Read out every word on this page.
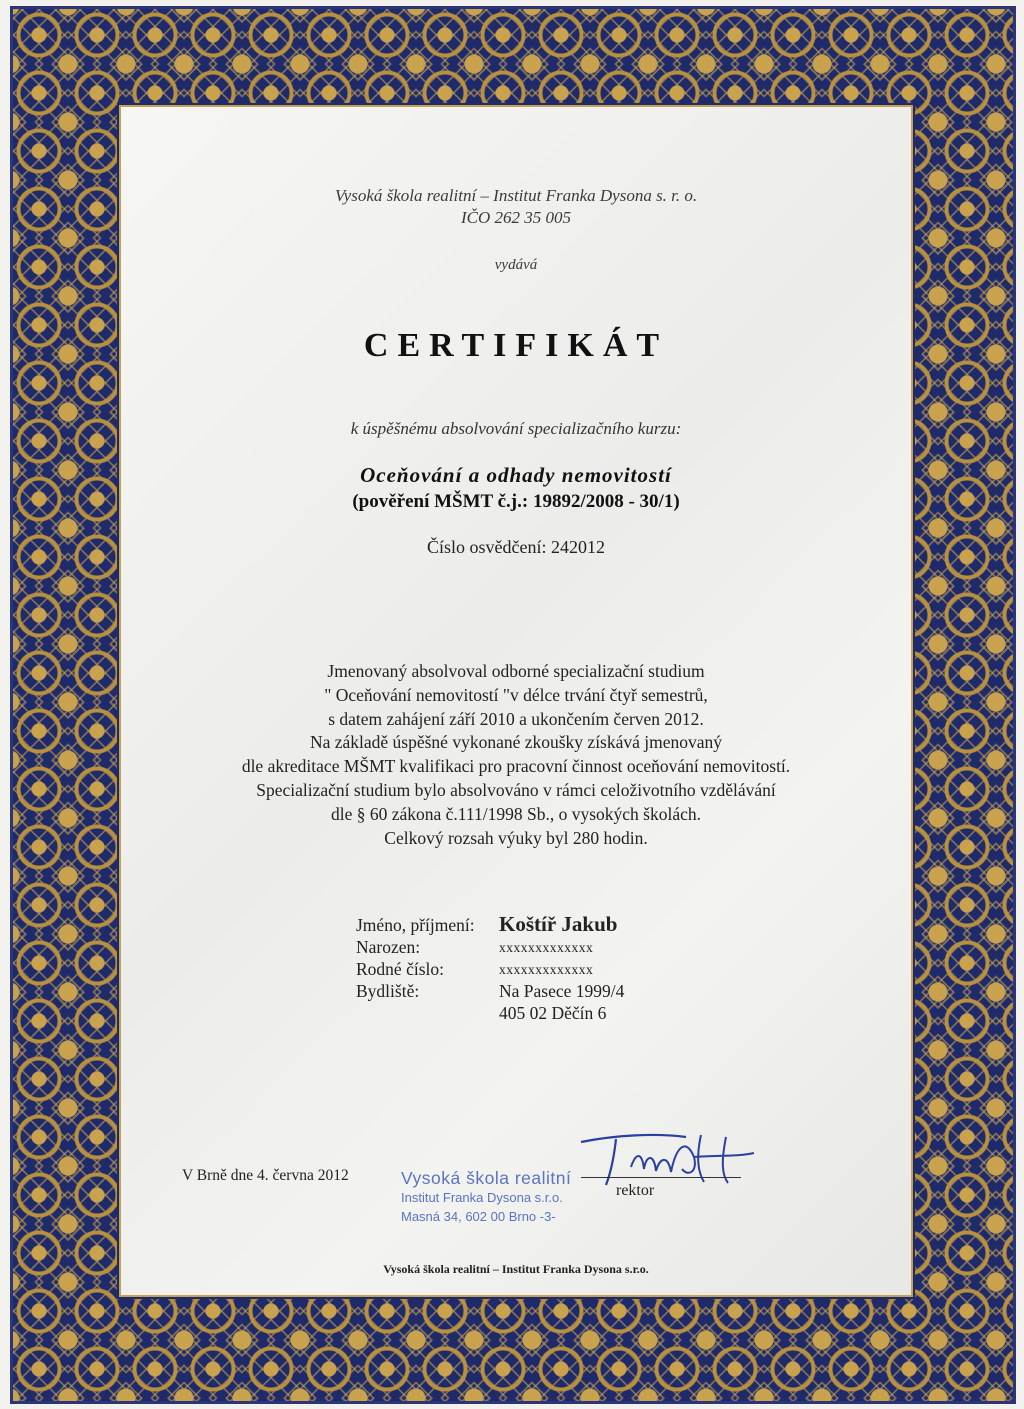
Vysoká škola realitní – Institut Franka Dysona s. r. o.
IČO 262 35 005
vydává
CERTIFIKÁT
k úspěšnému absolvování specializačního kurzu:
Oceňování a odhady nemovitostí
(pověření MŠMT č.j.: 19892/2008 - 30/1)
Číslo osvědčení: 242012
Jmenovaný absolvoval odborné specializační studium
" Oceňování nemovitostí "v délce trvání čtyř semestrů,
s datem zahájení září 2010 a ukončením červen 2012.
Na základě úspěšné vykonané zkoušky získává jmenovaný
dle akreditace MŠMT kvalifikaci pro pracovní činnost oceňování nemovitostí.
Specializační studium bylo absolvováno v rámci celoživotního vzdělávání
dle § 60 zákona č.111/1998 Sb., o vysokých školách.
Celkový rozsah výuky byl 280 hodin.
Jméno, příjmení: Koštíř Jakub
Narozen:	xxxxxxxxxxxxx
Rodné číslo:	xxxxxxxxxxxxx
Bydliště:	Na Pasece 1999/4
405 02 Děčín 6
V Brně dne 4. června 2012	Vysoká škola realitní
Institut Franka Dysona s.r.o.
Masná 34, 602 00 Brno -3-
rektor
Vysoká škola realitní – Institut Franka Dysona s.r.o.
